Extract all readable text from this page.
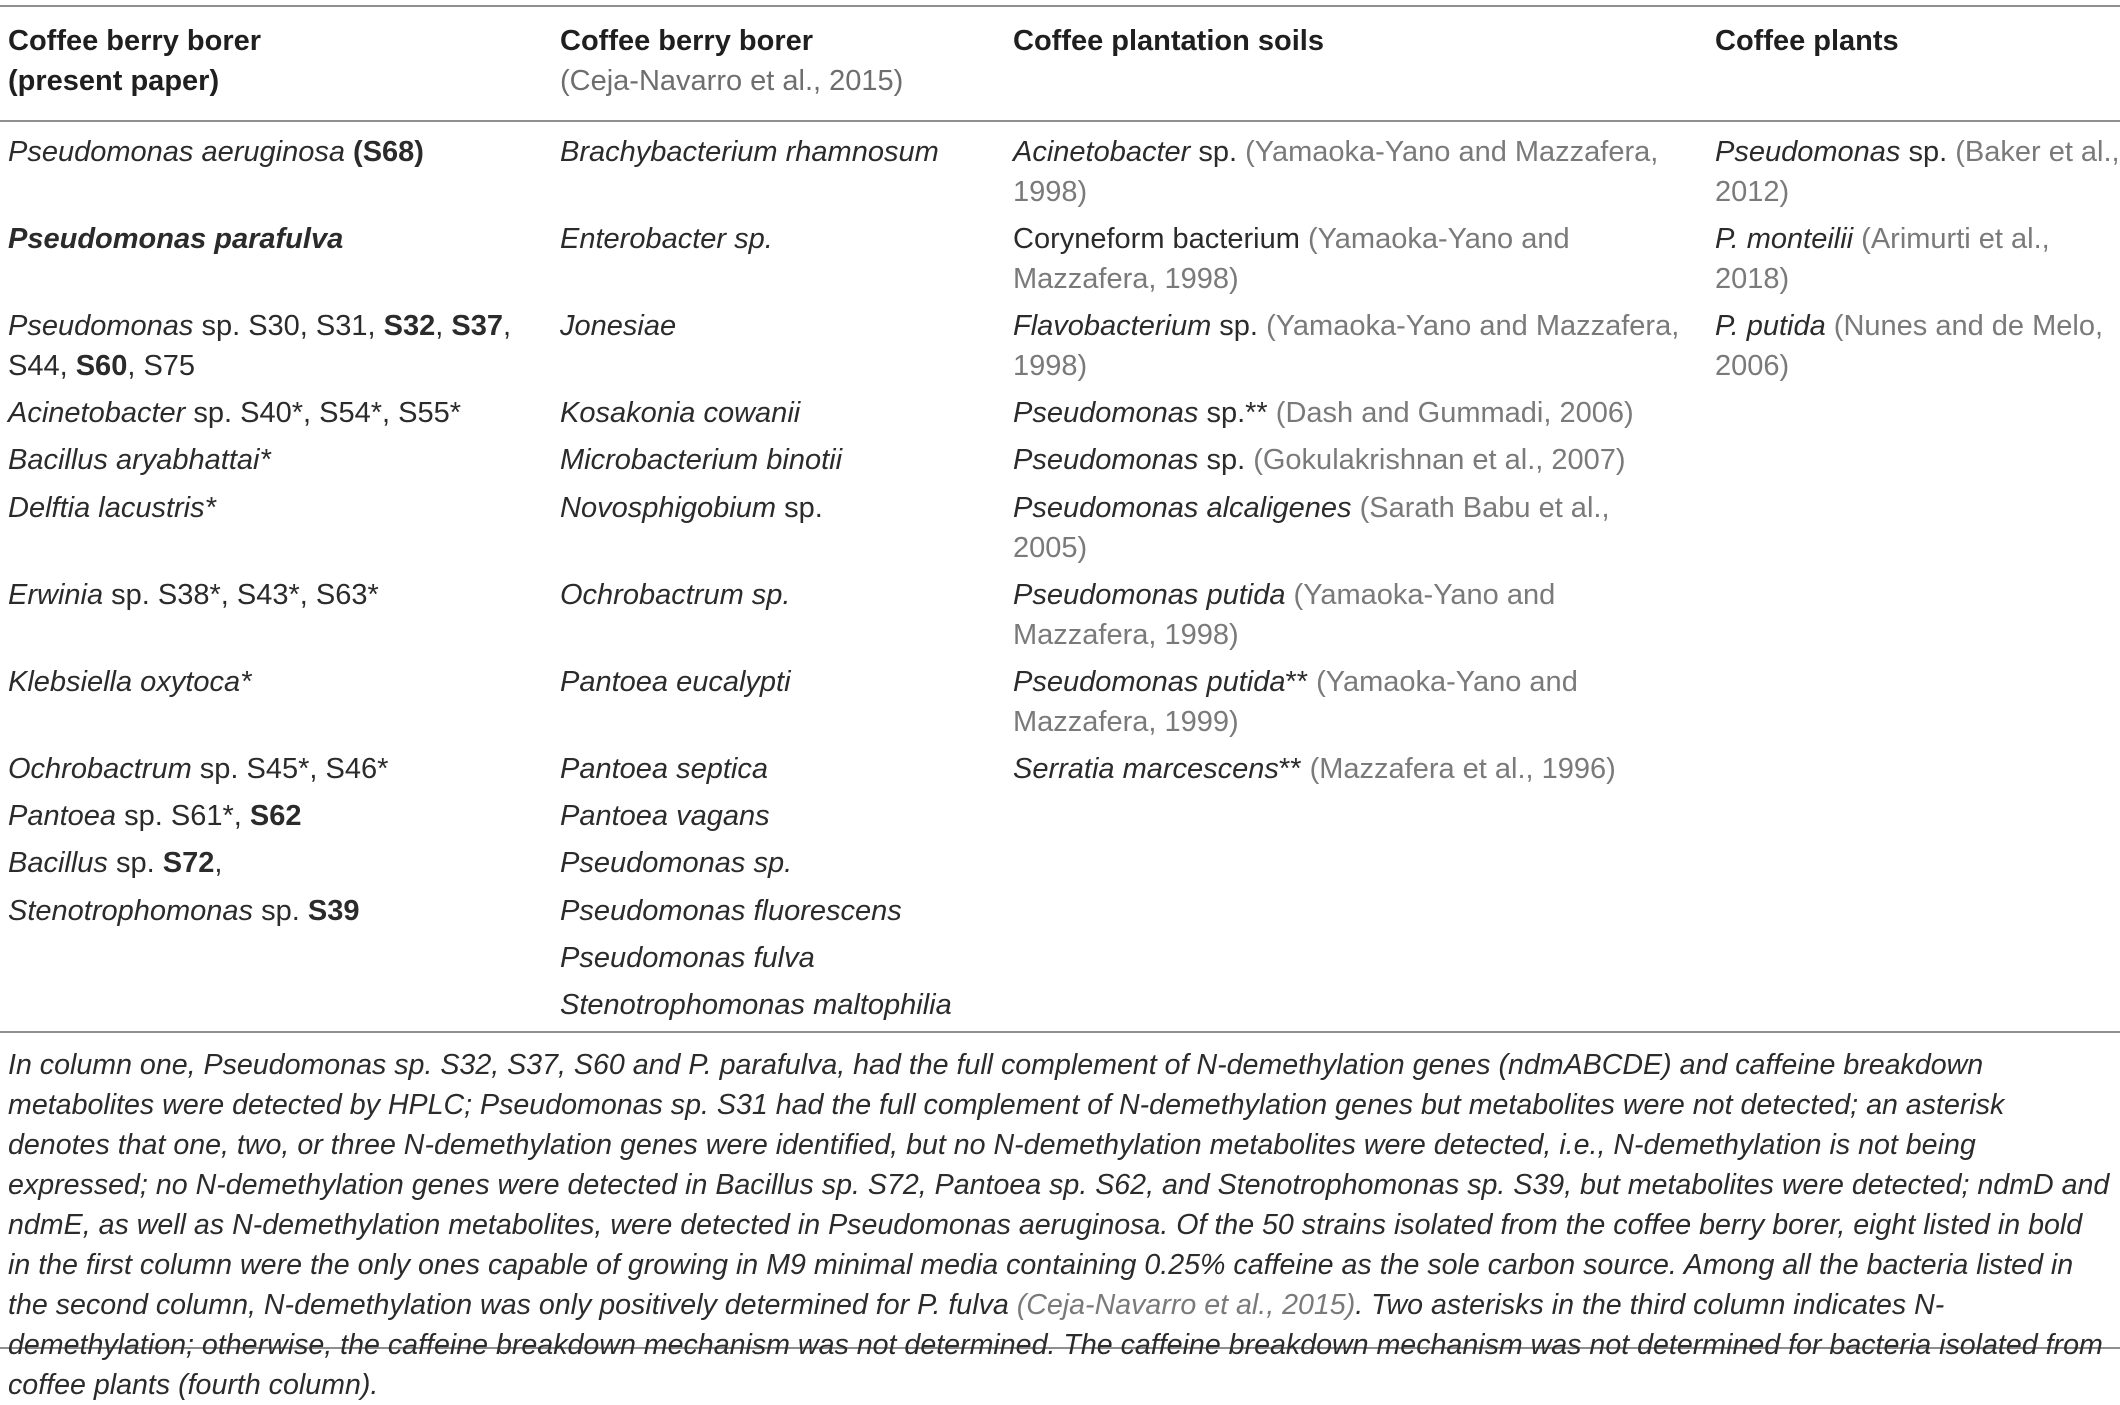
Coffee berry borer
(present paper)
Coffee berry borer
(Ceja-Navarro et al., 2015)
Coffee plantation soils	Coffee plants
Pseudomonas aeruginosa (S68)
Pseudomonas parafulva
Pseudomonas sp. S30, S31, S32, S37,
S44, S60, S75
Acinetobacter sp. S40*, S54*, S55*
Bacillus aryabhattai*
Delftia lacustris*
Erwinia sp. S38*, S43*, S63*
Klebsiella oxytoca*
Ochrobactrum sp. S45*, S46*
Pantoea sp. S61*, S62
Bacillus sp. S72,
Stenotrophomonas sp. S39
Brachybacterium rhamnosum
Enterobacter sp.
Jonesiae
Kosakonia cowanii
Microbacterium binotii
Novosphigobium sp.
Ochrobactrum sp.
Pantoea eucalypti
Pantoea septica
Pantoea vagans
Pseudomonas sp.
Pseudomonas fluorescens
Pseudomonas fulva
Stenotrophomonas maltophilia
Acinetobacter sp. (Yamaoka-Yano and Mazzafera,
1998)
Coryneform bacterium (Yamaoka-Yano and
Mazzafera, 1998)
Flavobacterium sp. (Yamaoka-Yano and Mazzafera,
1998)
Pseudomonas sp.** (Dash and Gummadi, 2006)
Pseudomonas sp. (Gokulakrishnan et al., 2007)
Pseudomonas alcaligenes (Sarath Babu et al.,
2005)
Pseudomonas putida (Yamaoka-Yano and
Mazzafera, 1998)
Pseudomonas putida** (Yamaoka-Yano and
Mazzafera, 1999)
Serratia marcescens** (Mazzafera et al., 1996)
Pseudomonas sp. (Baker et al.,
2012)
P. monteilii (Arimurti et al., 2018)
P. putida (Nunes and de Melo,
2006)
In column one, Pseudomonas sp. S32, S37, S60 and P. parafulva, had the full complement of N-demethylation genes (ndmABCDE) and caffeine breakdown metabolites were detected by HPLC; Pseudomonas sp. S31 had the full complement of N-demethylation genes but metabolites were not detected; an asterisk denotes that one, two, or three N-demethylation genes were identified, but no N-demethylation metabolites were detected, i.e., N-demethylation is not being expressed; no N-demethylation genes were detected in Bacillus sp. S72, Pantoea sp. S62, and Stenotrophomonas sp. S39, but metabolites were detected; ndmD and ndmE, as well as N-demethylation metabolites, were detected in Pseudomonas aeruginosa. Of the 50 strains isolated from the coffee berry borer, eight listed in bold in the first column were the only ones capable of growing in M9 minimal media containing 0.25% caffeine as the sole carbon source. Among all the bacteria listed in the second column, N-demethylation was only positively determined for P. fulva (Ceja-Navarro et al., 2015). Two asterisks in the third column indicates N-demethylation; otherwise, the caffeine breakdown mechanism was not determined. The caffeine breakdown mechanism was not determined for bacteria isolated from coffee plants (fourth column).
